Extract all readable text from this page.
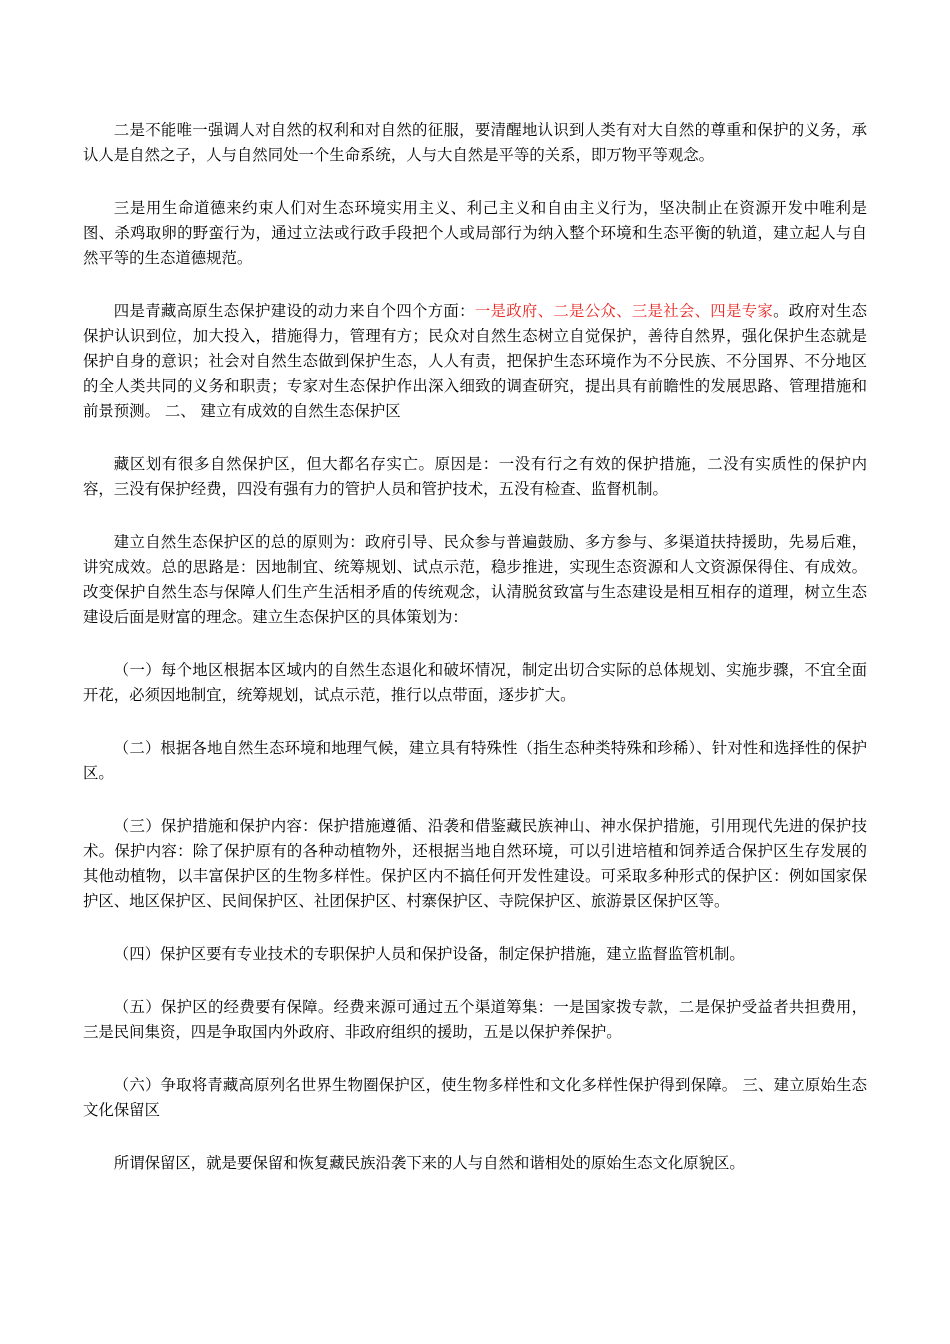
二是不能唯一强调人对自然的权利和对自然的征服，要清醒地认识到人类有对大自然的尊重和保护的义务，承认人是自然之子，人与自然同处一个生命系统，人与大自然是平等的关系，即万物平等观念。

三是用生命道德来约束人们对生态环境实用主义、利己主义和自由主义行为，坚决制止在资源开发中唯利是图、杀鸡取卵的野蛮行为，通过立法或行政手段把个人或局部行为纳入整个环境和生态平衡的轨道，建立起人与自然平等的生态道德规范。

四是青藏高原生态保护建设的动力来自个四个方面：一是政府、二是公众、三是社会、四是专家。政府对生态保护认识到位，加大投入，措施得力，管理有方；民众对自然生态树立自觉保护，善待自然界，强化保护生态就是保护自身的意识；社会对自然生态做到保护生态，人人有责，把保护生态环境作为不分民族、不分国界、不分地区的全人类共同的义务和职责；专家对生态保护作出深入细致的调查研究，提出具有前瞻性的发展思路、管理措施和前景预测。 二、 建立有成效的自然生态保护区

藏区划有很多自然保护区，但大都名存实亡。原因是：一没有行之有效的保护措施，二没有实质性的保护内容，三没有保护经费，四没有强有力的管护人员和管护技术，五没有检查、监督机制。

建立自然生态保护区的总的原则为：政府引导、民众参与普遍鼓励、多方参与、多渠道扶持援助，先易后难，讲究成效。总的思路是：因地制宜、统筹规划、试点示范，稳步推进，实现生态资源和人文资源保得住、有成效。改变保护自然生态与保障人们生产生活相矛盾的传统观念，认清脱贫致富与生态建设是相互相存的道理，树立生态建设后面是财富的理念。建立生态保护区的具体策划为：

（一）每个地区根据本区域内的自然生态退化和破坏情况，制定出切合实际的总体规划、实施步骤，不宜全面开花，必须因地制宜，统筹规划，试点示范，推行以点带面，逐步扩大。

（二）根据各地自然生态环境和地理气候，建立具有特殊性（指生态种类特殊和珍稀）、针对性和选择性的保护区。

（三）保护措施和保护内容：保护措施遵循、沿袭和借鉴藏民族神山、神水保护措施，引用现代先进的保护技术。保护内容：除了保护原有的各种动植物外，还根据当地自然环境，可以引进培植和饲养适合保护区生存发展的其他动植物，以丰富保护区的生物多样性。保护区内不搞任何开发性建设。可采取多种形式的保护区：例如国家保护区、地区保护区、民间保护区、社团保护区、村寨保护区、寺院保护区、旅游景区保护区等。

（四）保护区要有专业技术的专职保护人员和保护设备，制定保护措施，建立监督监管机制。

（五）保护区的经费要有保障。经费来源可通过五个渠道筹集：一是国家拨专款，二是保护受益者共担费用，三是民间集资，四是争取国内外政府、非政府组织的援助，五是以保护养保护。

（六）争取将青藏高原列名世界生物圈保护区，使生物多样性和文化多样性保护得到保障。 三、建立原始生态文化保留区

所谓保留区，就是要保留和恢复藏民族沿袭下来的人与自然和谐相处的原始生态文化原貌区。
